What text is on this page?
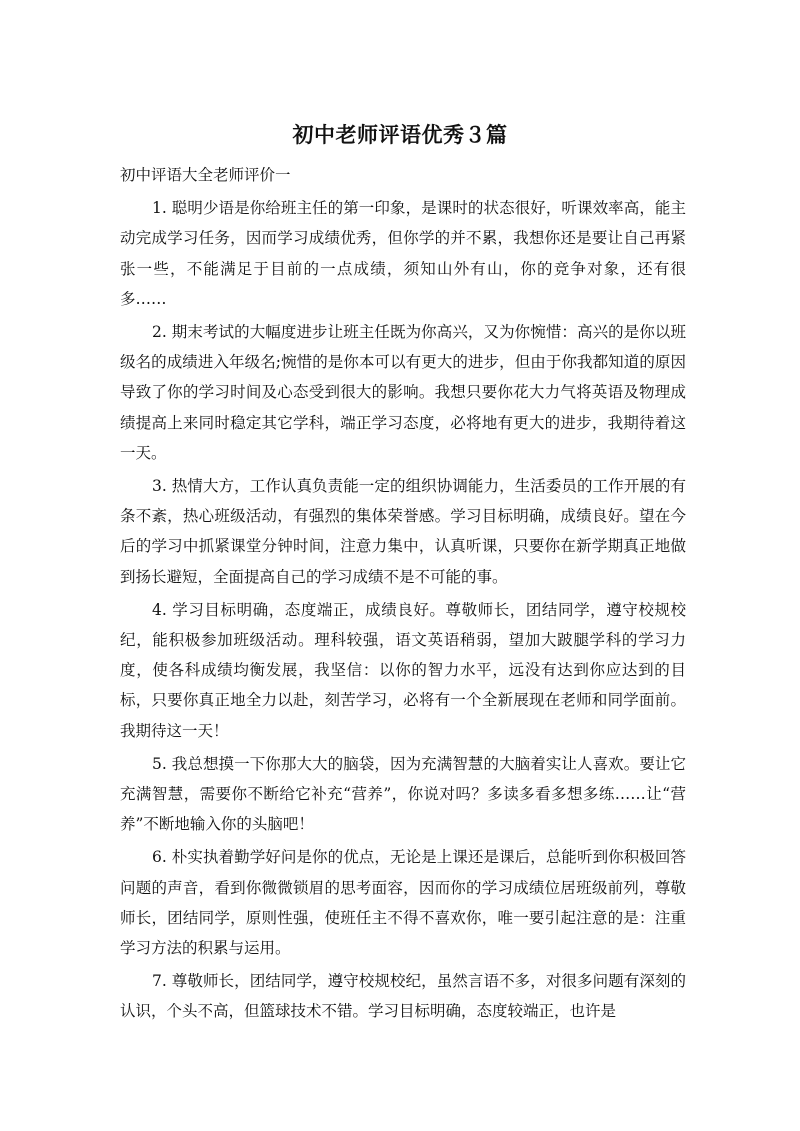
初中老师评语优秀３篇
初中评语大全老师评价一

1. 聪明少语是你给班主任的第一印象，是课时的状态很好，听课效率高，能主动完成学习任务，因而学习成绩优秀，但你学的并不累，我想你还是要让自己再紧张一些，不能满足于目前的一点成绩，须知山外有山，你的竞争对象，还有很多……

2. 期末考试的大幅度进步让班主任既为你高兴，又为你惋惜：高兴的是你以班级名的成绩进入年级名;惋惜的是你本可以有更大的进步，但由于你我都知道的原因导致了你的学习时间及心态受到很大的影响。我想只要你花大力气将英语及物理成绩提高上来同时稳定其它学科，端正学习态度，必将地有更大的进步，我期待着这一天。

3. 热情大方，工作认真负责能一定的组织协调能力，生活委员的工作开展的有条不紊，热心班级活动，有强烈的集体荣誉感。学习目标明确，成绩良好。望在今后的学习中抓紧课堂分钟时间，注意力集中，认真听课，只要你在新学期真正地做到扬长避短，全面提高自己的学习成绩不是不可能的事。

4. 学习目标明确，态度端正，成绩良好。尊敬师长，团结同学，遵守校规校纪，能积极参加班级活动。理科较强，语文英语稍弱，望加大跛腿学科的学习力度，使各科成绩均衡发展，我坚信：以你的智力水平，远没有达到你应达到的目标，只要你真正地全力以赴，刻苦学习，必将有一个全新展现在老师和同学面前。我期待这一天！

5. 我总想摸一下你那大大的脑袋，因为充满智慧的大脑着实让人喜欢。要让它充满智慧，需要你不断给它补充“营养”，你说对吗？多读多看多想多练……让“营养”不断地输入你的头脑吧！

6. 朴实执着勤学好问是你的优点，无论是上课还是课后，总能听到你积极回答问题的声音，看到你微微锁眉的思考面容，因而你的学习成绩位居班级前列，尊敬师长，团结同学，原则性强，使班任主不得不喜欢你，唯一要引起注意的是：注重学习方法的积累与运用。

7. 尊敬师长，团结同学，遵守校规校纪，虽然言语不多，对很多问题有深刻的认识，个头不高，但篮球技术不错。学习目标明确，态度较端正，也许是
